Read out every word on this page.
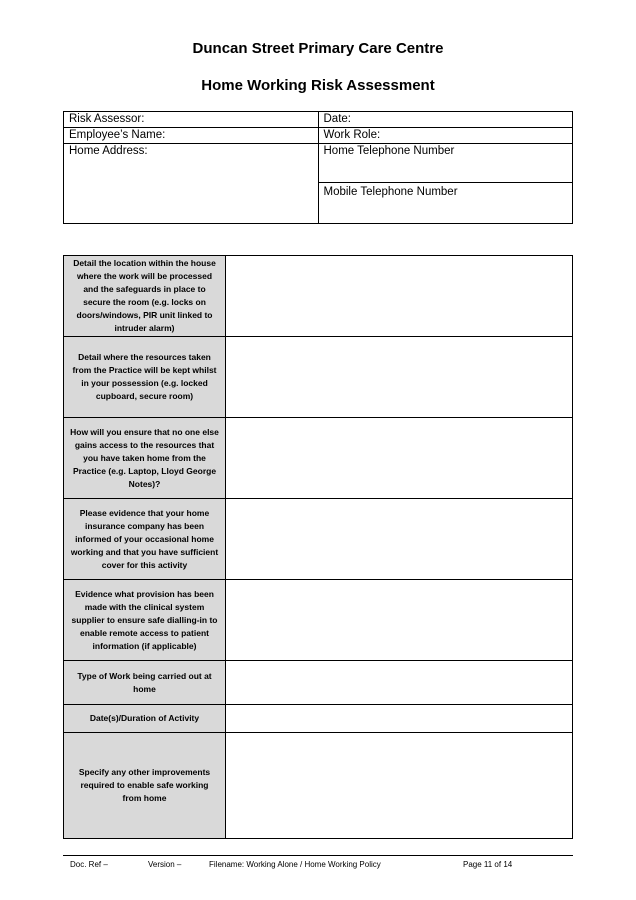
Duncan Street Primary Care Centre
Home Working Risk Assessment
Risk Assessor:	Date:
Employee’s Name:	Work Role:
Home Address:	Home Telephone Number
	Mobile Telephone Number
Detail the location within the house where the work will be processed and the safeguards in place to secure the room (e.g. locks on doors/windows, PIR unit linked to intruder alarm)	
Detail where the resources taken from the Practice will be kept whilst in your possession (e.g. locked cupboard, secure room)	
How will you ensure that no one else gains access to the resources that you have taken home from the Practice (e.g. Laptop, Lloyd George Notes)?	
Please evidence that your home insurance company has been informed of your occasional home working and that you have sufficient cover for this activity	
Evidence what provision has been made with the clinical system supplier to ensure safe dialling-in to enable remote access to patient information (if applicable)	
Type of Work being carried out at home	
Date(s)/Duration of Activity	
Specify any other improvements required to enable safe working from home	
Doc. Ref –	Version –	Filename: Working Alone / Home Working Policy	Page 11 of 14
